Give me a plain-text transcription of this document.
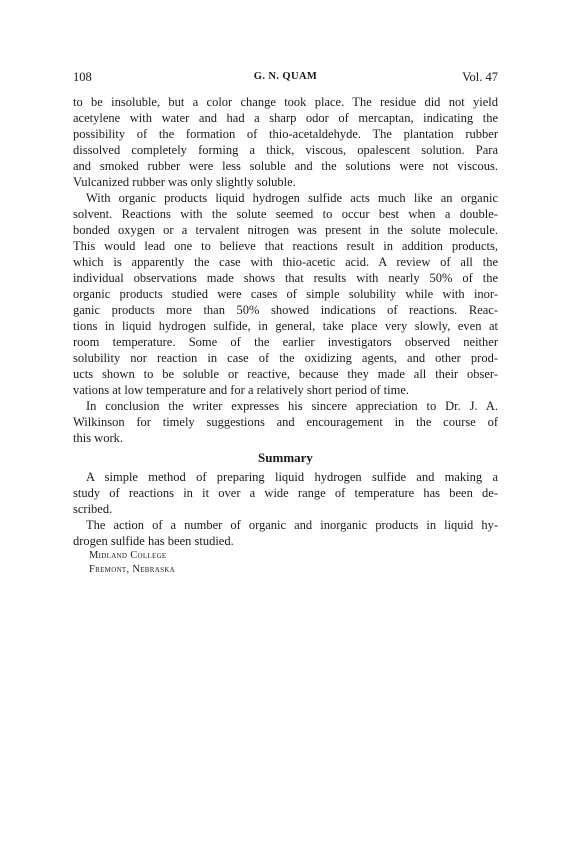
108	G. N. QUAM	Vol. 47
to be insoluble, but a color change took place. The residue did not yield
acetylene with water and had a sharp odor of mercaptan, indicating the
possibility of the formation of thio-acetaldehyde. The plantation rubber
dissolved completely forming a thick, viscous, opalescent solution. Para
and smoked rubber were less soluble and the solutions were not viscous.
Vulcanized rubber was only slightly soluble.
With organic products liquid hydrogen sulfide acts much like an organic
solvent. Reactions with the solute seemed to occur best when a double-
bonded oxygen or a tervalent nitrogen was present in the solute molecule.
This would lead one to believe that reactions result in addition products,
which is apparently the case with thio-acetic acid. A review of all the
individual observations made shows that results with nearly 50% of the
organic products studied were cases of simple solubility while with inor-
ganic products more than 50% showed indications of reactions. Reac-
tions in liquid hydrogen sulfide, in general, take place very slowly, even at
room temperature. Some of the earlier investigators observed neither
solubility nor reaction in case of the oxidizing agents, and other prod-
ucts shown to be soluble or reactive, because they made all their obser-
vations at low temperature and for a relatively short period of time.
In conclusion the writer expresses his sincere appreciation to Dr. J. A.
Wilkinson for timely suggestions and encouragement in the course of
this work.
Summary
A simple method of preparing liquid hydrogen sulfide and making a
study of reactions in it over a wide range of temperature has been de-
scribed.
The action of a number of organic and inorganic products in liquid hy-
drogen sulfide has been studied.
Midland College
Fremont, Nebraska
